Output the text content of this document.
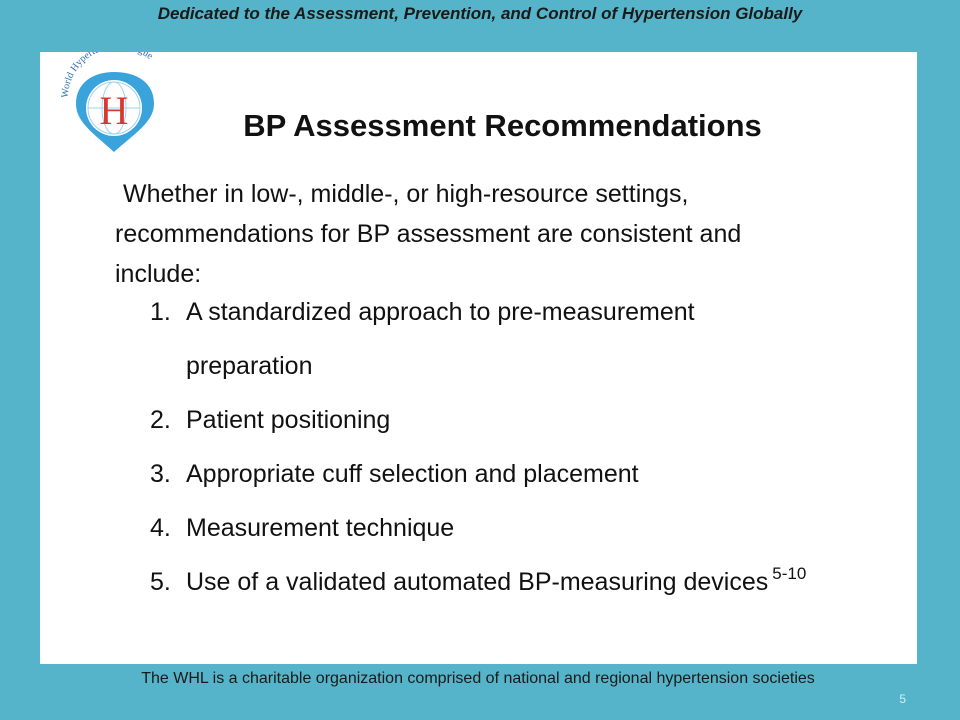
Dedicated to the Assessment, Prevention, and Control of Hypertension Globally
H
World Hyper ue
BP Assessment Recommendations
Whether in low-, middle-, or high-resource settings,
recommendations for BP assessment are consistent and
include:
1. A standardized approach to pre-measurement
preparation
2. Patient positioning
3. Appropriate cuff selection and placement
4. Measurement technique
5. Use of a validated automated BP-measuring devices $^{5-10}$
The WHL is a charitable organization comprised of national and regional hypertension societies
5
